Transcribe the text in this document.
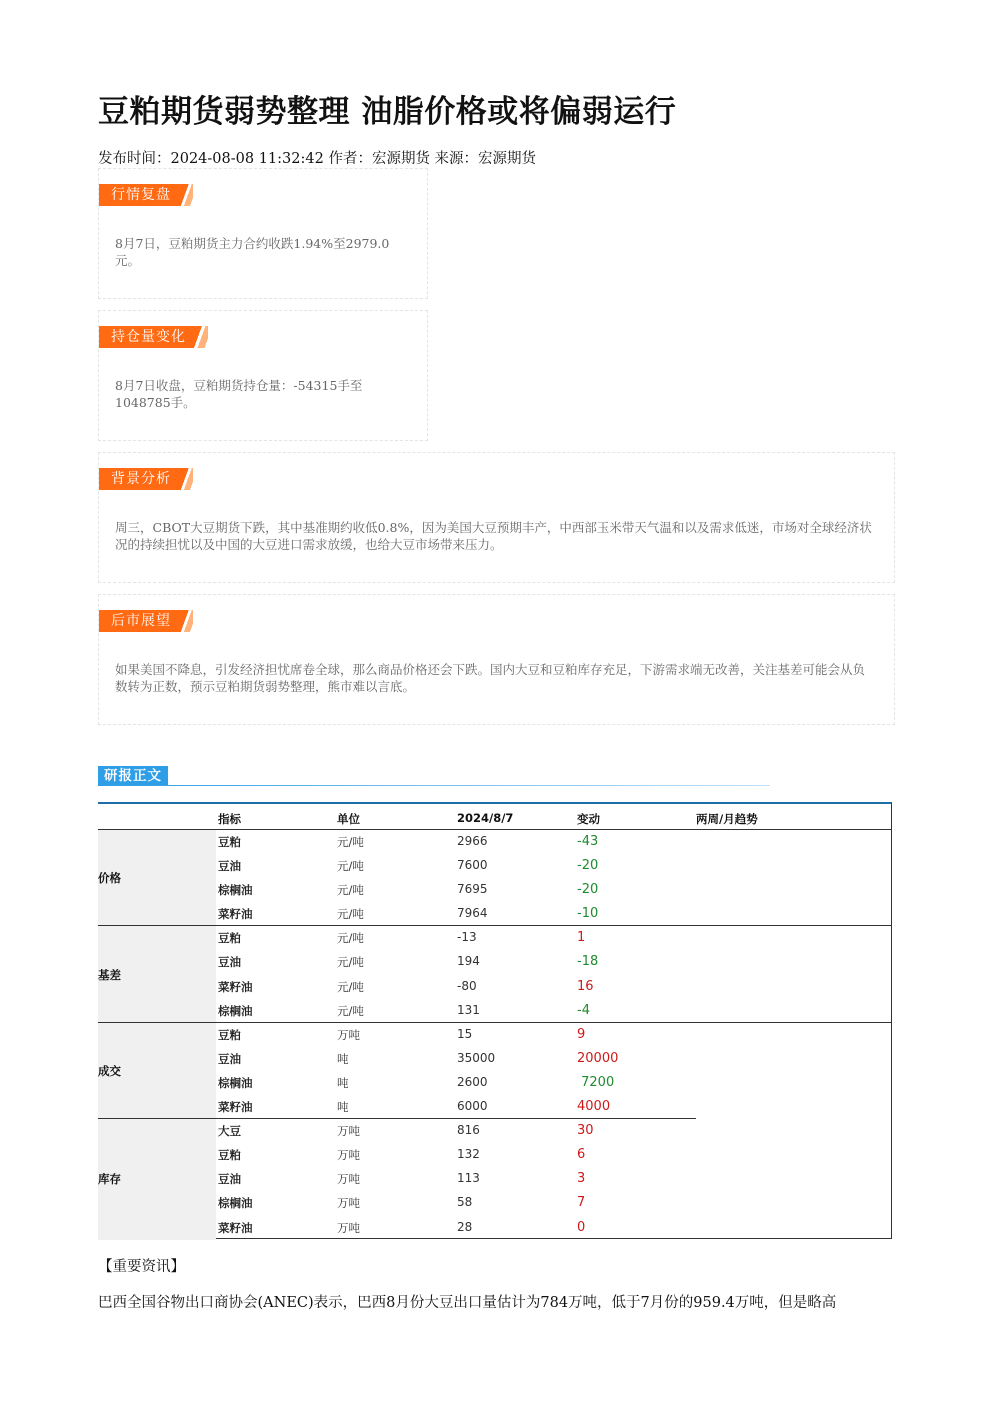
豆粕期货弱势整理 油脂价格或将偏弱运行
发布时间：2024-08-08 11:32:42 作者：宏源期货 来源：宏源期货
行情复盘
8月7日，豆粕期货主力合约收跌1.94%至2979.0元。
持仓量变化
8月7日收盘，豆粕期货持仓量：-54315手至1048785手。
背景分析
周三，CBOT大豆期货下跌，其中基准期约收低0.8%，因为美国大豆预期丰产，中西部玉米带天气温和以及需求低迷，市场对全球经济状况的持续担忧以及中国的大豆进口需求放缓，也给大豆市场带来压力。
后市展望
如果美国不降息，引发经济担忧席卷全球，那么商品价格还会下跌。国内大豆和豆粕库存充足，下游需求端无改善，关注基差可能会从负数转为正数，预示豆粕期货弱势整理，熊市难以言底。
研报正文
指标	单位	2024/8/7	变动	两周/月趋势
价格
豆粕	元/吨	2966	-43
豆油	元/吨	7600	-20
棕榈油	元/吨	7695	-20
菜籽油	元/吨	7964	-10
基差
豆粕	元/吨	-13	1
豆油	元/吨	194	-18
菜籽油	元/吨	-80	16
棕榈油	元/吨	131	-4
成交
豆粕	万吨	15	9
豆油	吨	35000	20000
棕榈油	吨	2600	7200
菜籽油	吨	6000	4000
库存
大豆	万吨	816	30
豆粕	万吨	132	6
豆油	万吨	113	3
棕榈油	万吨	58	7
菜籽油	万吨	28	0
【重要资讯】
巴西全国谷物出口商协会(ANEC)表示，巴西8月份大豆出口量估计为784万吨，低于7月份的959.4万吨，但是略高
